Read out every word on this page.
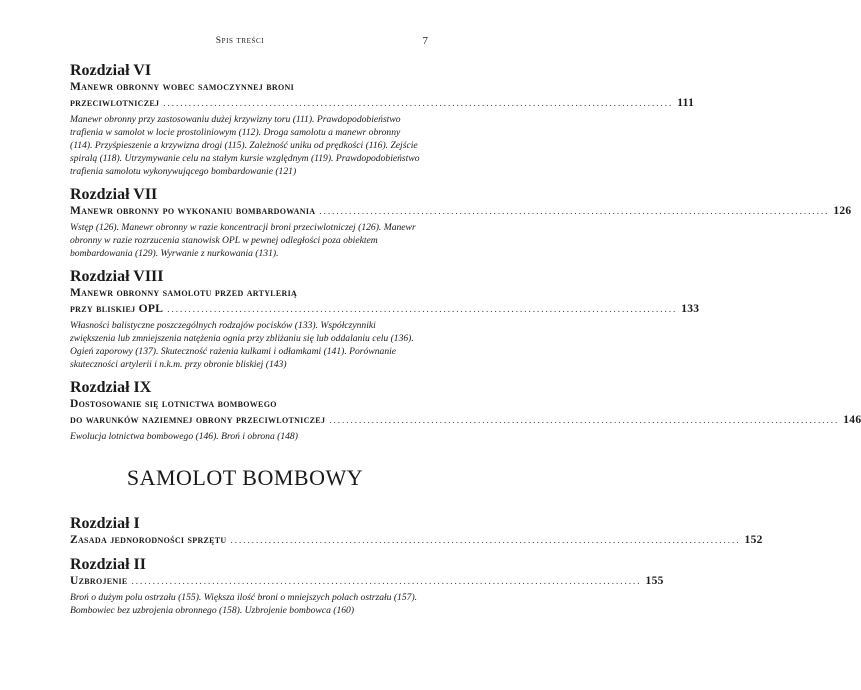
Spis treści	7
Rozdział VI
Manewr obronny wobec samoczynnej broni
przeciwlotniczej ........................................................................................................................ 111
Manewr obronny przy zastosowaniu dużej krzywizny toru (111). Prawdopodobieństwo trafienia w samolot w locie prostoliniowym (112). Droga samolotu a manewr obronny (114). Przyśpieszenie a krzywizna drogi (115). Zależność uniku od prędkości (116). Zejście spiralą (118). Utrzymywanie celu na stałym kursie względnym (119). Prawdopodobieństwo trafienia samolotu wykonywującego bombardowanie (121)
Rozdział VII
Manewr obronny po wykonaniu bombardowania ........................................................................................................................ 126
Wstęp (126). Manewr obronny w razie koncentracji broni przeciwlotniczej (126). Manewr obronny w razie rozrzucenia stanowisk OPL w pewnej odległości poza obiektem bombardowania (129). Wyrwanie z nurkowania (131).
Rozdział VIII
Manewr obronny samolotu przed artylerią
przy bliskiej OPL ........................................................................................................................ 133
Własności balistyczne poszczególnych rodzajów pocisków (133). Współczynniki zwiększenia lub zmniejszenia natężenia ognia przy zbliżaniu się lub oddalaniu celu (136). Ogień zaporowy (137). Skuteczność rażenia kulkami i odłamkami (141). Porównanie skuteczności artylerii i n.k.m. przy obronie bliskiej (143)
Rozdział IX
Dostosowanie się lotnictwa bombowego
do warunków naziemnej obrony przeciwlotniczej ........................................................................................................................ 146
Ewolucja lotnictwa bombowego (146). Broń i obrona (148)
SAMOLOT BOMBOWY
Rozdział I
Zasada jednorodności sprzętu ........................................................................................................................ 152
Rozdział II
Uzbrojenie ........................................................................................................................ 155
Broń o dużym polu ostrzału (155). Większa ilość broni o mniejszych polach ostrzału (157). Bombowiec bez uzbrojenia obronnego (158). Uzbrojenie bombowca (160)
